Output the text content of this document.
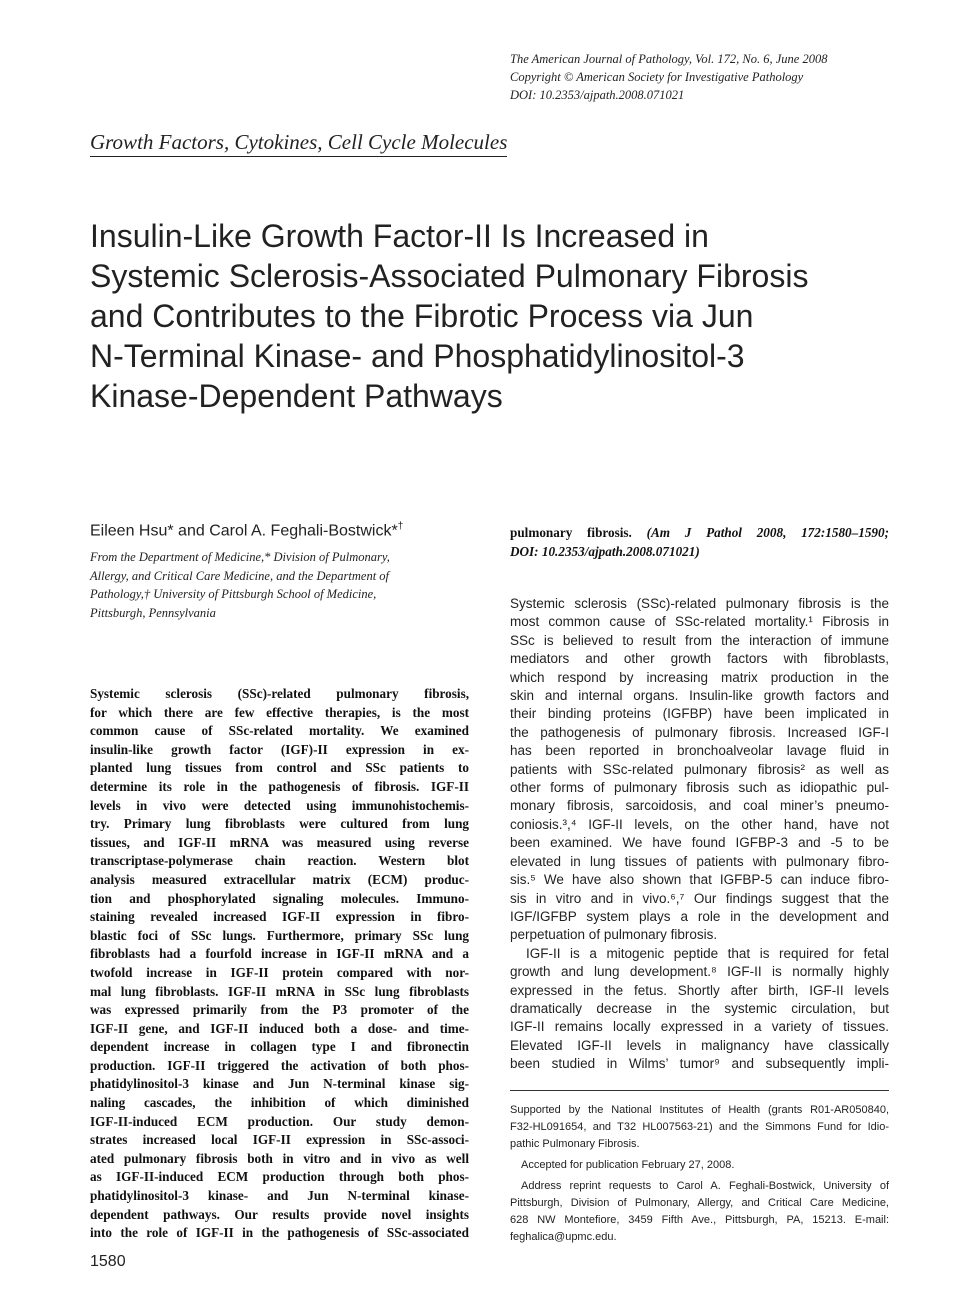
The American Journal of Pathology, Vol. 172, No. 6, June 2008
Copyright © American Society for Investigative Pathology
DOI: 10.2353/ajpath.2008.071021
Growth Factors, Cytokines, Cell Cycle Molecules
Insulin-Like Growth Factor-II Is Increased in
Systemic Sclerosis-Associated Pulmonary Fibrosis
and Contributes to the Fibrotic Process via Jun
N-Terminal Kinase- and Phosphatidylinositol-3
Kinase-Dependent Pathways
Eileen Hsu* and Carol A. Feghali-Bostwick*†
From the Department of Medicine,* Division of Pulmonary,
Allergy, and Critical Care Medicine, and the Department of
Pathology,† University of Pittsburgh School of Medicine,
Pittsburgh, Pennsylvania
Systemic sclerosis (SSc)-related pulmonary fibrosis,
for which there are few effective therapies, is the most
common cause of SSc-related mortality. We examined
insulin-like growth factor (IGF)-II expression in ex-
planted lung tissues from control and SSc patients to
determine its role in the pathogenesis of fibrosis. IGF-II
levels in vivo were detected using immunohistochemis-
try. Primary lung fibroblasts were cultured from lung
tissues, and IGF-II mRNA was measured using reverse
transcriptase-polymerase chain reaction. Western blot
analysis measured extracellular matrix (ECM) produc-
tion and phosphorylated signaling molecules. Immuno-
staining revealed increased IGF-II expression in fibro-
blastic foci of SSc lungs. Furthermore, primary SSc lung
fibroblasts had a fourfold increase in IGF-II mRNA and a
twofold increase in IGF-II protein compared with nor-
mal lung fibroblasts. IGF-II mRNA in SSc lung fibroblasts
was expressed primarily from the P3 promoter of the
IGF-II gene, and IGF-II induced both a dose- and time-
dependent increase in collagen type I and fibronectin
production. IGF-II triggered the activation of both phos-
phatidylinositol-3 kinase and Jun N-terminal kinase sig-
naling cascades, the inhibition of which diminished
IGF-II-induced ECM production. Our study demon-
strates increased local IGF-II expression in SSc-associ-
ated pulmonary fibrosis both in vitro and in vivo as well
as IGF-II-induced ECM production through both phos-
phatidylinositol-3 kinase- and Jun N-terminal kinase-
dependent pathways. Our results provide novel insights
into the role of IGF-II in the pathogenesis of SSc-associated
pulmonary fibrosis. (Am J Pathol 2008, 172:1580–1590;
DOI: 10.2353/ajpath.2008.071021)
Systemic sclerosis (SSc)-related pulmonary fibrosis is the
most common cause of SSc-related mortality.¹ Fibrosis in
SSc is believed to result from the interaction of immune
mediators and other growth factors with fibroblasts,
which respond by increasing matrix production in the
skin and internal organs. Insulin-like growth factors and
their binding proteins (IGFBP) have been implicated in
the pathogenesis of pulmonary fibrosis. Increased IGF-I
has been reported in bronchoalveolar lavage fluid in
patients with SSc-related pulmonary fibrosis² as well as
other forms of pulmonary fibrosis such as idiopathic pul-
monary fibrosis, sarcoidosis, and coal miner’s pneumo-
coniosis.³,⁴ IGF-II levels, on the other hand, have not
been examined. We have found IGFBP-3 and -5 to be
elevated in lung tissues of patients with pulmonary fibro-
sis.⁵ We have also shown that IGFBP-5 can induce fibro-
sis in vitro and in vivo.⁶,⁷ Our findings suggest that the
IGF/IGFBP system plays a role in the development and
perpetuation of pulmonary fibrosis.
IGF-II is a mitogenic peptide that is required for fetal
growth and lung development.⁸ IGF-II is normally highly
expressed in the fetus. Shortly after birth, IGF-II levels
dramatically decrease in the systemic circulation, but
IGF-II remains locally expressed in a variety of tissues.
Elevated IGF-II levels in malignancy have classically
been studied in Wilms’ tumor⁹ and subsequently impli-
Supported by the National Institutes of Health (grants R01-AR050840,
F32-HL091654, and T32 HL007563-21) and the Simmons Fund for Idio-
pathic Pulmonary Fibrosis.
Accepted for publication February 27, 2008.
Address reprint requests to Carol A. Feghali-Bostwick, University of
Pittsburgh, Division of Pulmonary, Allergy, and Critical Care Medicine,
628 NW Montefiore, 3459 Fifth Ave., Pittsburgh, PA, 15213. E-mail:
feghalica@upmc.edu.
1580
